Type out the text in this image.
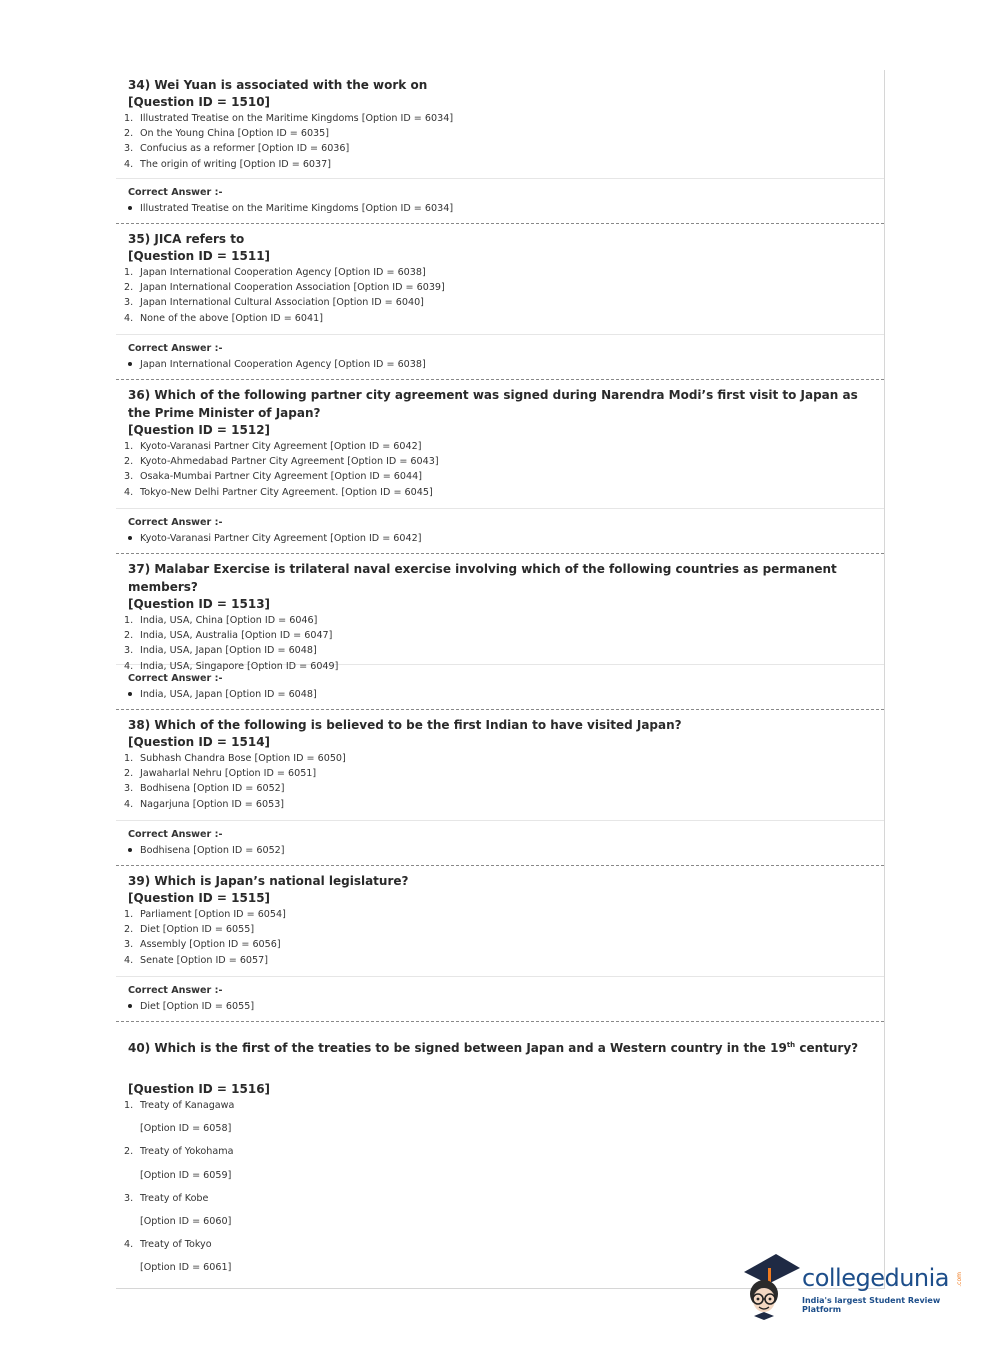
34) Wei Yuan is associated with the work on
[Question ID = 1510]
1. Illustrated Treatise on the Maritime Kingdoms [Option ID = 6034]
2. On the Young China [Option ID = 6035]
3. Confucius as a reformer [Option ID = 6036]
4. The origin of writing [Option ID = 6037]
Correct Answer :-
Illustrated Treatise on the Maritime Kingdoms [Option ID = 6034]
35) JICA refers to
[Question ID = 1511]
1. Japan International Cooperation Agency [Option ID = 6038]
2. Japan International Cooperation Association [Option ID = 6039]
3. Japan International Cultural Association [Option ID = 6040]
4. None of the above [Option ID = 6041]
Correct Answer :-
Japan International Cooperation Agency [Option ID = 6038]
36) Which of the following partner city agreement was signed during Narendra Modi’s first visit to Japan as the Prime Minister of Japan?
[Question ID = 1512]
1. Kyoto-Varanasi Partner City Agreement [Option ID = 6042]
2. Kyoto-Ahmedabad Partner City Agreement [Option ID = 6043]
3. Osaka-Mumbai Partner City Agreement [Option ID = 6044]
4. Tokyo-New Delhi Partner City Agreement. [Option ID = 6045]
Correct Answer :-
Kyoto-Varanasi Partner City Agreement [Option ID = 6042]
37) Malabar Exercise is trilateral naval exercise involving which of the following countries as permanent members?
[Question ID = 1513]
1. India, USA, China [Option ID = 6046]
2. India, USA, Australia [Option ID = 6047]
3. India, USA, Japan [Option ID = 6048]
4. India, USA, Singapore [Option ID = 6049]
Correct Answer :-
India, USA, Japan [Option ID = 6048]
38) Which of the following is believed to be the first Indian to have visited Japan?
[Question ID = 1514]
1. Subhash Chandra Bose [Option ID = 6050]
2. Jawaharlal Nehru [Option ID = 6051]
3. Bodhisena [Option ID = 6052]
4. Nagarjuna [Option ID = 6053]
Correct Answer :-
Bodhisena [Option ID = 6052]
39) Which is Japan’s national legislature?
[Question ID = 1515]
1. Parliament [Option ID = 6054]
2. Diet [Option ID = 6055]
3. Assembly [Option ID = 6056]
4. Senate [Option ID = 6057]
Correct Answer :-
Diet [Option ID = 6055]
40) Which is the first of the treaties to be signed between Japan and a Western country in the 19th century?
[Question ID = 1516]
1. Treaty of Kanagawa
[Option ID = 6058]
2. Treaty of Yokohama
[Option ID = 6059]
3. Treaty of Kobe
[Option ID = 6060]
4. Treaty of Tokyo
[Option ID = 6061]	collegedunia .com
India's largest Student Review Platform
